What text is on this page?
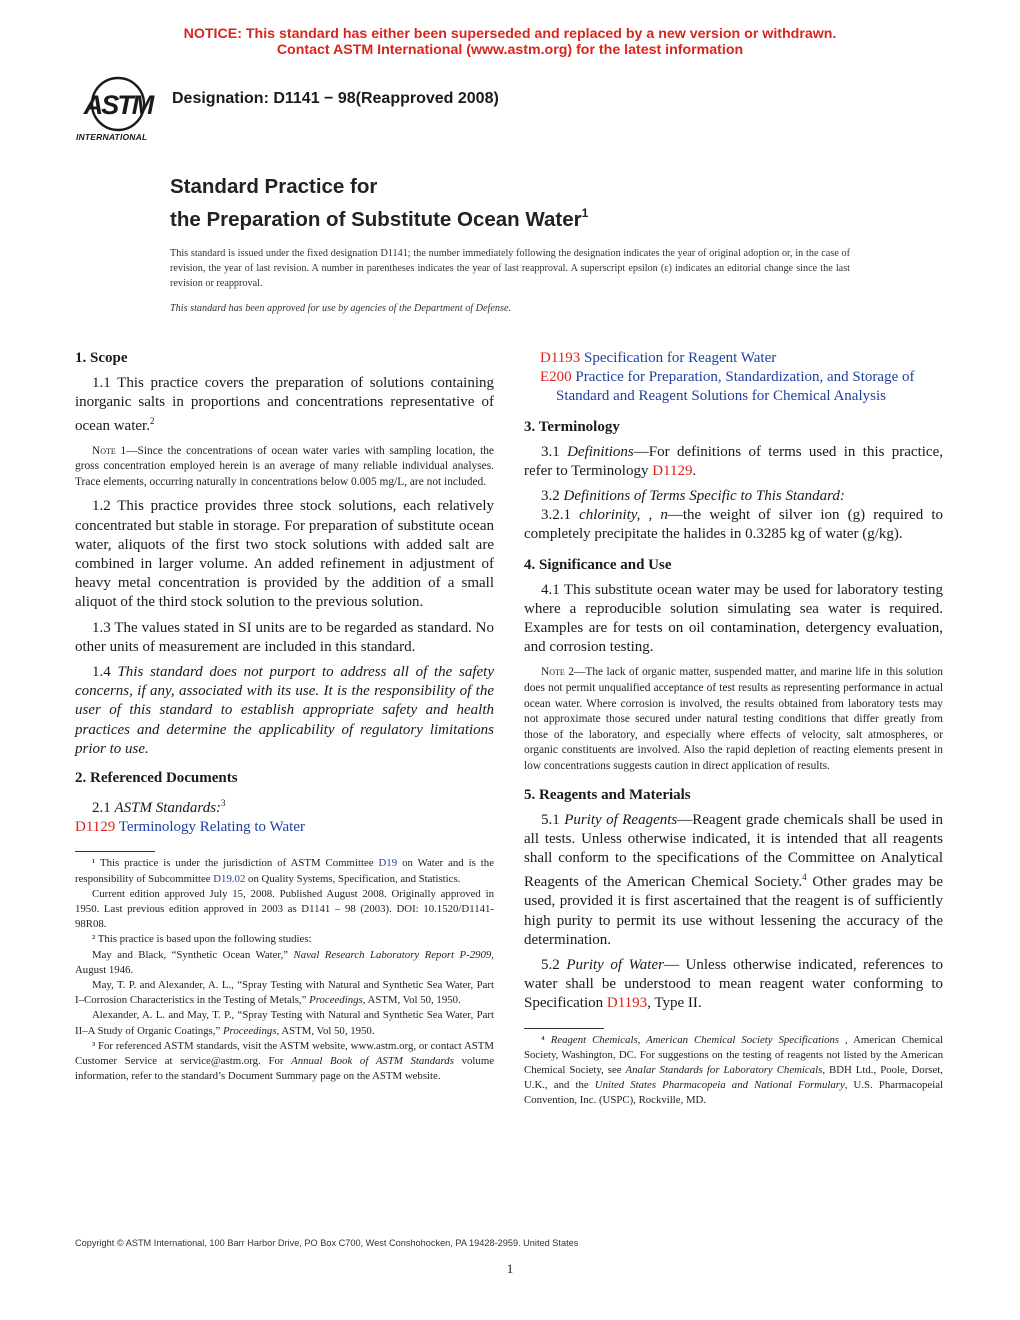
NOTICE: This standard has either been superseded and replaced by a new version or withdrawn.
Contact ASTM International (www.astm.org) for the latest information
ASTM
INTERNATIONAL
Designation: D1141 − 98(Reapproved 2008)
Standard Practice for
the Preparation of Substitute Ocean Water$^1$
This standard is issued under the fixed designation D1141; the number immediately following the designation indicates the year of original adoption or, in the case of revision, the year of last revision. A number in parentheses indicates the year of last reapproval. A superscript epsilon (ε) indicates an editorial change since the last revision or reapproval.
This standard has been approved for use by agencies of the Department of Defense.

1. Scope

1.1 This practice covers the preparation of solutions containing inorganic salts in proportions and concentrations representative of ocean water.$^2$

Note 1—Since the concentrations of ocean water varies with sampling location, the gross concentration employed herein is an average of many reliable individual analyses. Trace elements, occurring naturally in concentrations below 0.005 mg/L, are not included.

1.2 This practice provides three stock solutions, each relatively concentrated but stable in storage. For preparation of substitute ocean water, aliquots of the first two stock solutions with added salt are combined in larger volume. An added refinement in adjustment of heavy metal concentration is provided by the addition of a small aliquot of the third stock solution to the previous solution.

1.3 The values stated in SI units are to be regarded as standard. No other units of measurement are included in this standard.

1.4 This standard does not purport to address all of the safety concerns, if any, associated with its use. It is the responsibility of the user of this standard to establish appropriate safety and health practices and determine the applicability of regulatory limitations prior to use.

2. Referenced Documents

2.1 ASTM Standards:$^3$

D1129 Terminology Relating to Water

¹ This practice is under the jurisdiction of ASTM Committee D19 on Water and is the responsibility of Subcommittee D19.02 on Quality Systems, Specification, and Statistics.

Current edition approved July 15, 2008. Published August 2008. Originally approved in 1950. Last previous edition approved in 2003 as D1141 – 98 (2003). DOI: 10.1520/D1141-98R08.

² This practice is based upon the following studies:

May and Black, “Synthetic Ocean Water,” Naval Research Laboratory Report P-2909, August 1946.

May, T. P. and Alexander, A. L., “Spray Testing with Natural and Synthetic Sea Water, Part I–Corrosion Characteristics in the Testing of Metals,” Proceedings, ASTM, Vol 50, 1950.

Alexander, A. L. and May, T. P., “Spray Testing with Natural and Synthetic Sea Water, Part II–A Study of Organic Coatings,” Proceedings, ASTM, Vol 50, 1950.

³ For referenced ASTM standards, visit the ASTM website, www.astm.org, or contact ASTM Customer Service at service@astm.org. For Annual Book of ASTM Standards volume information, refer to the standard’s Document Summary page on the ASTM website.

D1193 Specification for Reagent Water

E200 Practice for Preparation, Standardization, and Storage of Standard and Reagent Solutions for Chemical Analysis

3. Terminology

3.1 Definitions—For definitions of terms used in this practice, refer to Terminology D1129.

3.2 Definitions of Terms Specific to This Standard:

3.2.1 chlorinity, , n—the weight of silver ion (g) required to completely precipitate the halides in 0.3285 kg of water (g/kg).

4. Significance and Use

4.1 This substitute ocean water may be used for laboratory testing where a reproducible solution simulating sea water is required. Examples are for tests on oil contamination, detergency evaluation, and corrosion testing.

Note 2—The lack of organic matter, suspended matter, and marine life in this solution does not permit unqualified acceptance of test results as representing performance in actual ocean water. Where corrosion is involved, the results obtained from laboratory tests may not approximate those secured under natural testing conditions that differ greatly from those of the laboratory, and especially where effects of velocity, salt atmospheres, or organic constituents are involved. Also the rapid depletion of reacting elements present in low concentrations suggests caution in direct application of results.

5. Reagents and Materials

5.1 Purity of Reagents—Reagent grade chemicals shall be used in all tests. Unless otherwise indicated, it is intended that all reagents shall conform to the specifications of the Committee on Analytical Reagents of the American Chemical Society.$^4$ Other grades may be used, provided it is first ascertained that the reagent is of sufficiently high purity to permit its use without lessening the accuracy of the determination.

5.2 Purity of Water— Unless otherwise indicated, references to water shall be understood to mean reagent water conforming to Specification D1193, Type II.

⁴ Reagent Chemicals, American Chemical Society Specifications , American Chemical Society, Washington, DC. For suggestions on the testing of reagents not listed by the American Chemical Society, see Analar Standards for Laboratory Chemicals, BDH Ltd., Poole, Dorset, U.K., and the United States Pharmacopeia and National Formulary, U.S. Pharmacopeial Convention, Inc. (USPC), Rockville, MD.

Copyright © ASTM International, 100 Barr Harbor Drive, PO Box C700, West Conshohocken, PA 19428-2959. United States
1
